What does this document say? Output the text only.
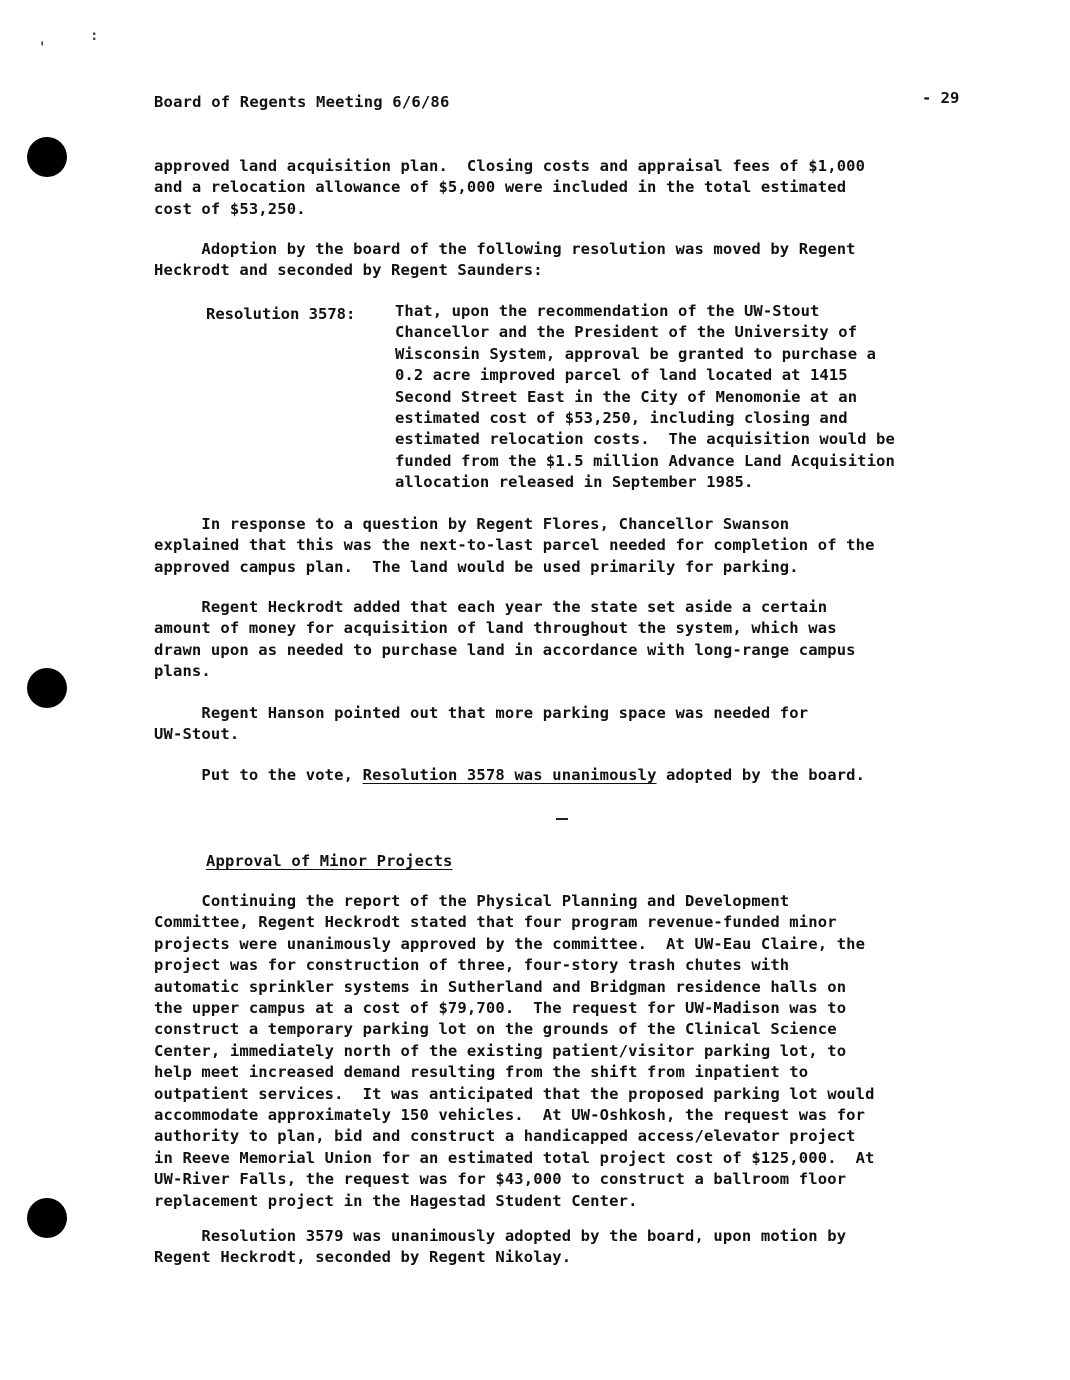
'
:
Board of Regents Meeting 6/6/86	- 29
approved land acquisition plan.  Closing costs and appraisal fees of $1,000
and a relocation allowance of $5,000 were included in the total estimated
cost of $53,250.
Adoption by the board of the following resolution was moved by Regent
Heckrodt and seconded by Regent Saunders:
Resolution 3578:	That, upon the recommendation of the UW-Stout
Chancellor and the President of the University of
Wisconsin System, approval be granted to purchase a
0.2 acre improved parcel of land located at 1415
Second Street East in the City of Menomonie at an
estimated cost of $53,250, including closing and
estimated relocation costs.  The acquisition would be
funded from the $1.5 million Advance Land Acquisition
allocation released in September 1985.
In response to a question by Regent Flores, Chancellor Swanson
explained that this was the next-to-last parcel needed for completion of the
approved campus plan.  The land would be used primarily for parking.
Regent Heckrodt added that each year the state set aside a certain
amount of money for acquisition of land throughout the system, which was
drawn upon as needed to purchase land in accordance with long-range campus
plans.
Regent Hanson pointed out that more parking space was needed for
UW-Stout.
Put to the vote, Resolution 3578 was unanimously adopted by the board.
Approval of Minor Projects
Continuing the report of the Physical Planning and Development
Committee, Regent Heckrodt stated that four program revenue-funded minor
projects were unanimously approved by the committee.  At UW-Eau Claire, the
project was for construction of three, four-story trash chutes with
automatic sprinkler systems in Sutherland and Bridgman residence halls on
the upper campus at a cost of $79,700.  The request for UW-Madison was to
construct a temporary parking lot on the grounds of the Clinical Science
Center, immediately north of the existing patient/visitor parking lot, to
help meet increased demand resulting from the shift from inpatient to
outpatient services.  It was anticipated that the proposed parking lot would
accommodate approximately 150 vehicles.  At UW-Oshkosh, the request was for
authority to plan, bid and construct a handicapped access/elevator project
in Reeve Memorial Union for an estimated total project cost of $125,000.  At
UW-River Falls, the request was for $43,000 to construct a ballroom floor
replacement project in the Hagestad Student Center.
Resolution 3579 was unanimously adopted by the board, upon motion by
Regent Heckrodt, seconded by Regent Nikolay.
